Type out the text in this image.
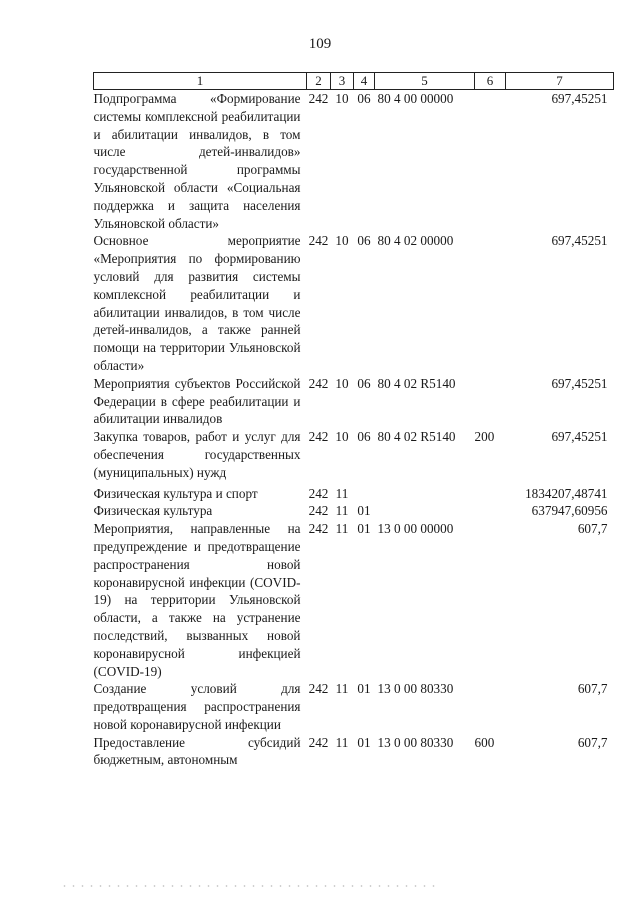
109
1	2	3	4	5	6	7
Подпрограмма «Формирование системы комплексной реабилитации и абилитации инвалидов, в том числе детей-инвалидов» государственной программы Ульяновской области «Социальная поддержка и защита населения Ульяновской области»	242	10	06	80 4 00 00000		697,45251
Основное мероприятие «Мероприятия по формированию условий для развития системы комплексной реабилитации и абилитации инвалидов, в том числе детей-инвалидов, а также ранней помощи на территории Ульяновской области»	242	10	06	80 4 02 00000		697,45251
Мероприятия субъектов Российской Федерации в сфере реабилитации и абилитации инвалидов	242	10	06	80 4 02 R5140		697,45251
Закупка товаров, работ и услуг для обеспечения государственных (муниципальных) нужд	242	10	06	80 4 02 R5140	200	697,45251
Физическая культура и спорт	242	11				1834207,48741
Физическая культура	242	11	01			637947,60956
Мероприятия, направленные на предупреждение и предотвращение распространения новой коронавирусной инфекции (COVID-19) на территории Ульяновской области, а также на устранение последствий, вызванных новой коронавирусной инфекцией (COVID-19)	242	11	01	13 0 00 00000		607,7
Создание условий для предотвращения распространения новой коронавирусной инфекции	242	11	01	13 0 00 80330		607,7
Предоставление субсидий бюджетным, автономным	242	11	01	13 0 00 80330	600	607,7
